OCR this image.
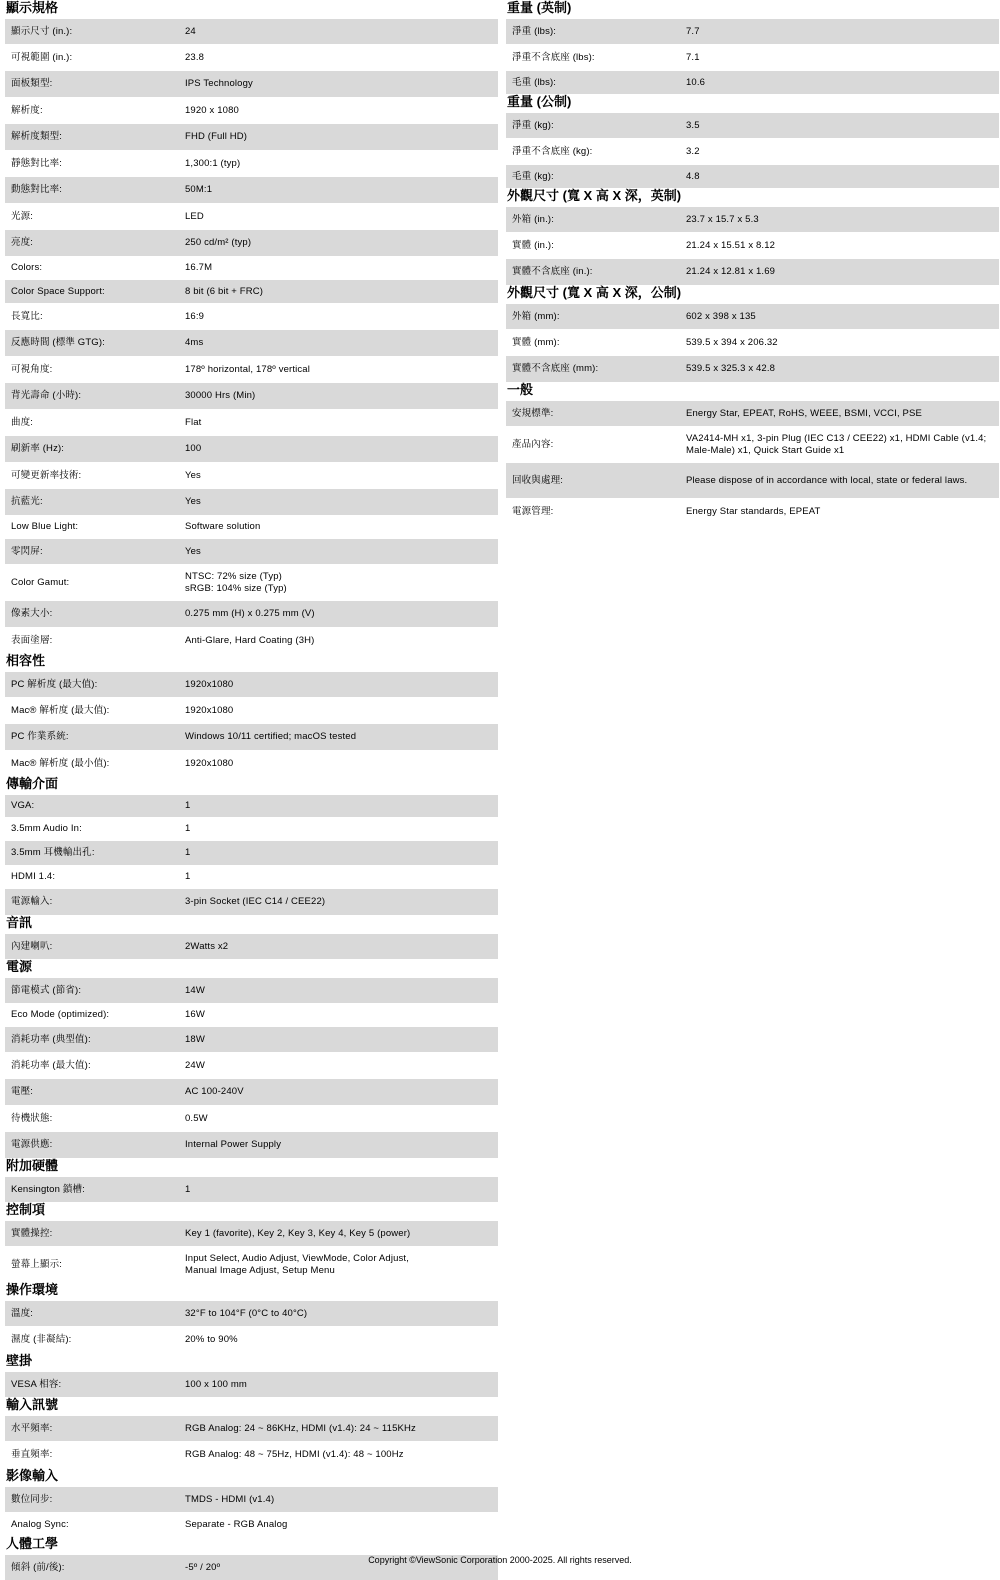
顯示規格
顯示尺寸 (in.):	24
可視範圍 (in.):	23.8
面板類型:	IPS Technology
解析度:	1920 x 1080
解析度類型:	FHD (Full HD)
靜態對比率:	1,300:1 (typ)
動態對比率:	50M:1
光源:	LED
亮度:	250 cd/m² (typ)
Colors:	16.7M
Color Space Support:	8 bit (6 bit + FRC)
長寬比:	16:9
反應時間 (標準 GTG):	4ms
可視角度:	178º horizontal, 178º vertical
背光壽命 (小時):	30000 Hrs (Min)
曲度:	Flat
刷新率 (Hz):	100
可變更新率技術:	Yes
抗藍光:	Yes
Low Blue Light:	Software solution
零閃屏:	Yes
Color Gamut:
NTSC: 72% size (Typ)
sRGB: 104% size (Typ)
像素大小:	0.275 mm (H) x 0.275 mm (V)
表面塗層:	Anti-Glare, Hard Coating (3H)
相容性
PC 解析度 (最大值):	1920x1080
Mac® 解析度 (最大值):	1920x1080
PC 作業系統:	Windows 10/11 certified; macOS tested
Mac® 解析度 (最小值):	1920x1080
傳輸介面
VGA:	1
3.5mm Audio In:	1
3.5mm 耳機輸出孔:	1
HDMI 1.4:	1
電源輸入:	3-pin Socket (IEC C14 / CEE22)
音訊
內建喇叭:	2Watts x2
電源
節電模式 (節省):	14W
Eco Mode (optimized):	16W
消耗功率 (典型值):	18W
消耗功率 (最大值):	24W
電壓:	AC 100-240V
待機狀態:	0.5W
電源供應:	Internal Power Supply
附加硬體
Kensington 鎖槽:	1
控制項
實體操控:	Key 1 (favorite), Key 2, Key 3, Key 4, Key 5 (power)
螢幕上顯示:
Input Select, Audio Adjust, ViewMode, Color Adjust,
Manual Image Adjust, Setup Menu
操作環境
溫度:	32°F to 104°F (0°C to 40°C)
濕度 (非凝結):	20% to 90%
壁掛
VESA 相容:	100 x 100 mm
輸入訊號
水平頻率:	RGB Analog: 24 ~ 86KHz, HDMI (v1.4): 24 ~ 115KHz
垂直頻率:	RGB Analog: 48 ~ 75Hz, HDMI (v1.4): 48 ~ 100Hz
影像輸入
數位同步:	TMDS - HDMI (v1.4)
Analog Sync:	Separate - RGB Analog
人體工學
傾斜 (前/後):	-5º / 20º
重量 (英制)
淨重 (lbs):	7.7
淨重不含底座 (lbs):	7.1
毛重 (lbs):	10.6
重量 (公制)
淨重 (kg):	3.5
淨重不含底座 (kg):	3.2
毛重 (kg):	4.8
外觀尺寸 (寬 X 高 X 深，英制)
外箱 (in.):	23.7 x 15.7 x 5.3
實體 (in.):	21.24 x 15.51 x 8.12
實體不含底座 (in.):	21.24 x 12.81 x 1.69
外觀尺寸 (寬 X 高 X 深，公制)
外箱 (mm):	602 x 398 x 135
實體 (mm):	539.5 x 394 x 206.32
實體不含底座 (mm):	539.5 x 325.3 x 42.8
一般
安規標準:	Energy Star, EPEAT, RoHS, WEEE, BSMI, VCCI, PSE
產品內容:
VA2414-MH x1, 3-pin Plug (IEC C13 / CEE22) x1, HDMI Cable (v1.4; Male-Male) x1, Quick Start Guide x1
回收與處理:	Please dispose of in accordance with local, state or federal laws.
電源管理:	Energy Star standards, EPEAT
Copyright ©ViewSonic Corporation 2000-2025. All rights reserved.
